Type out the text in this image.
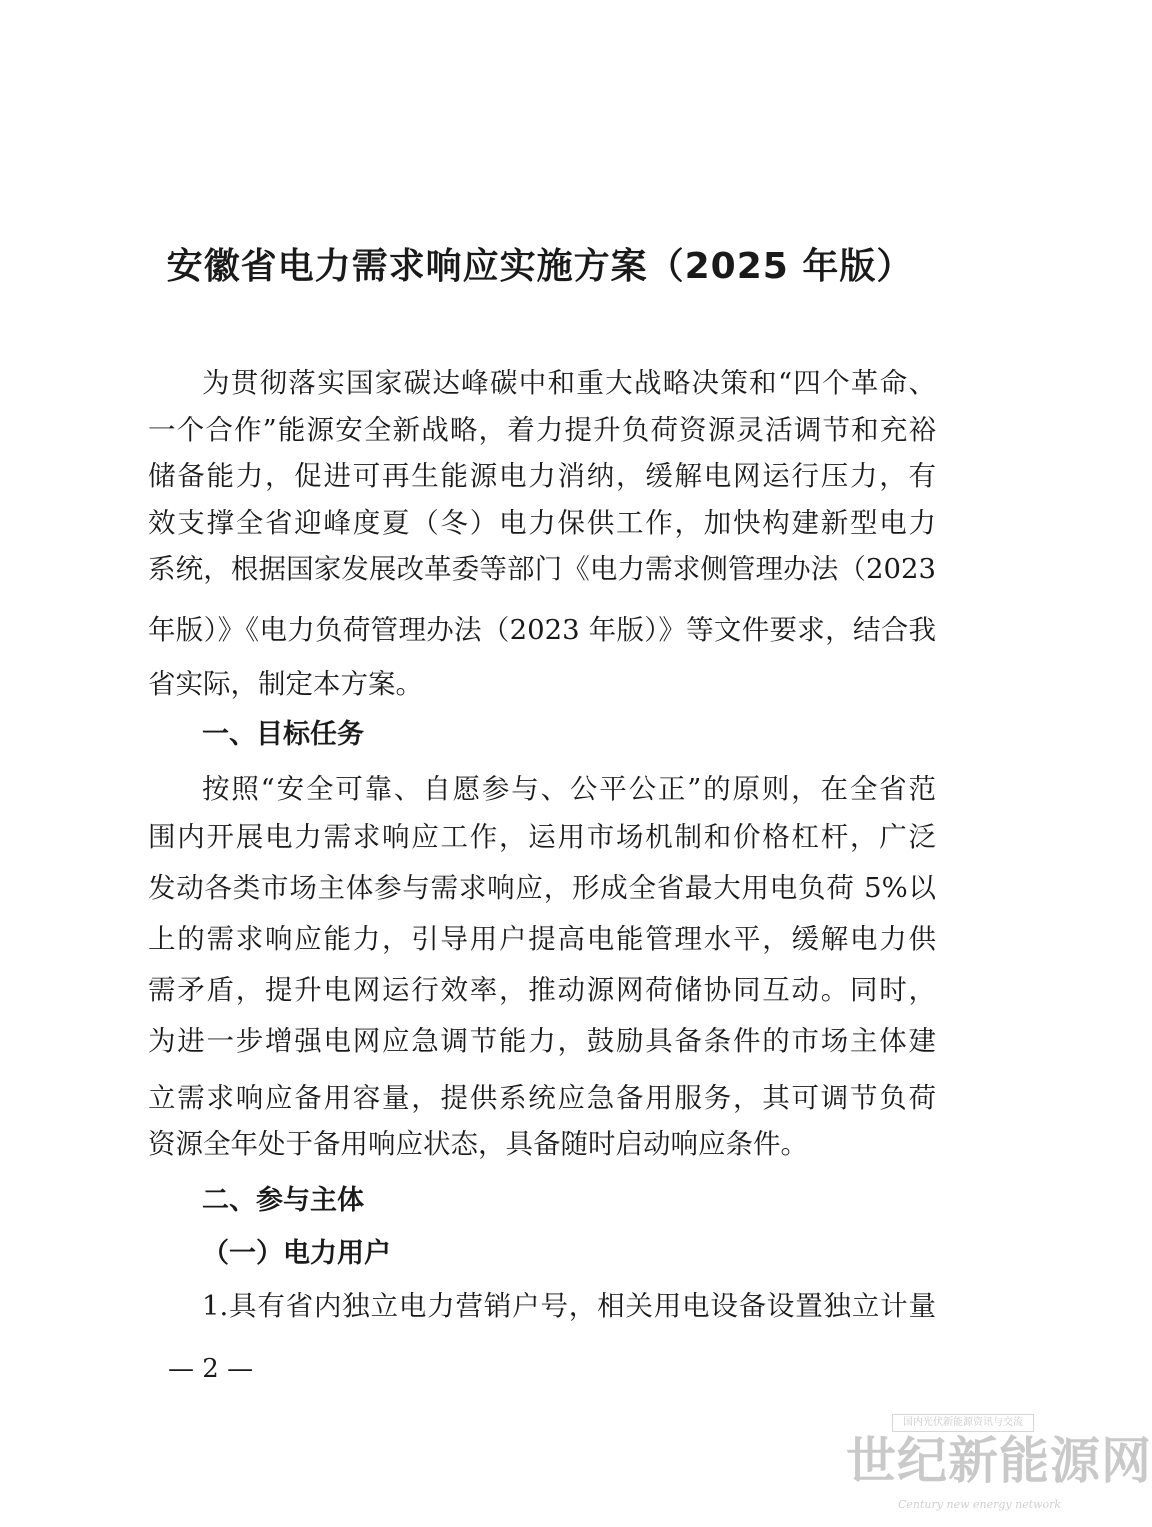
安徽省电力需求响应实施方案（2025 年版）

为贯彻落实国家碳达峰碳中和重大战略决策和“四个革命、

一个合作”能源安全新战略，着力提升负荷资源灵活调节和充裕

储备能力，促进可再生能源电力消纳，缓解电网运行压力，有

效支撑全省迎峰度夏（冬）电力保供工作，加快构建新型电力

系统，根据国家发展改革委等部门《电力需求侧管理办法（2023

年版）》《电力负荷管理办法（2023 年版）》等文件要求，结合我

省实际，制定本方案。

一、目标任务

按照“安全可靠、自愿参与、公平公正”的原则，在全省范

围内开展电力需求响应工作，运用市场机制和价格杠杆，广泛

发动各类市场主体参与需求响应，形成全省最大用电负荷 5%以

上的需求响应能力，引导用户提高电能管理水平，缓解电力供

需矛盾，提升电网运行效率，推动源网荷储协同互动。同时，

为进一步增强电网应急调节能力，鼓励具备条件的市场主体建

立需求响应备用容量，提供系统应急备用服务，其可调节负荷

资源全年处于备用响应状态，具备随时启动响应条件。

二、参与主体
（一）电力用户

1.具有省内独立电力营销户号，相关用电设备设置独立计量

— 2 —
国内光伏新能源资讯与交流
世纪新能源网
Century new energy network
